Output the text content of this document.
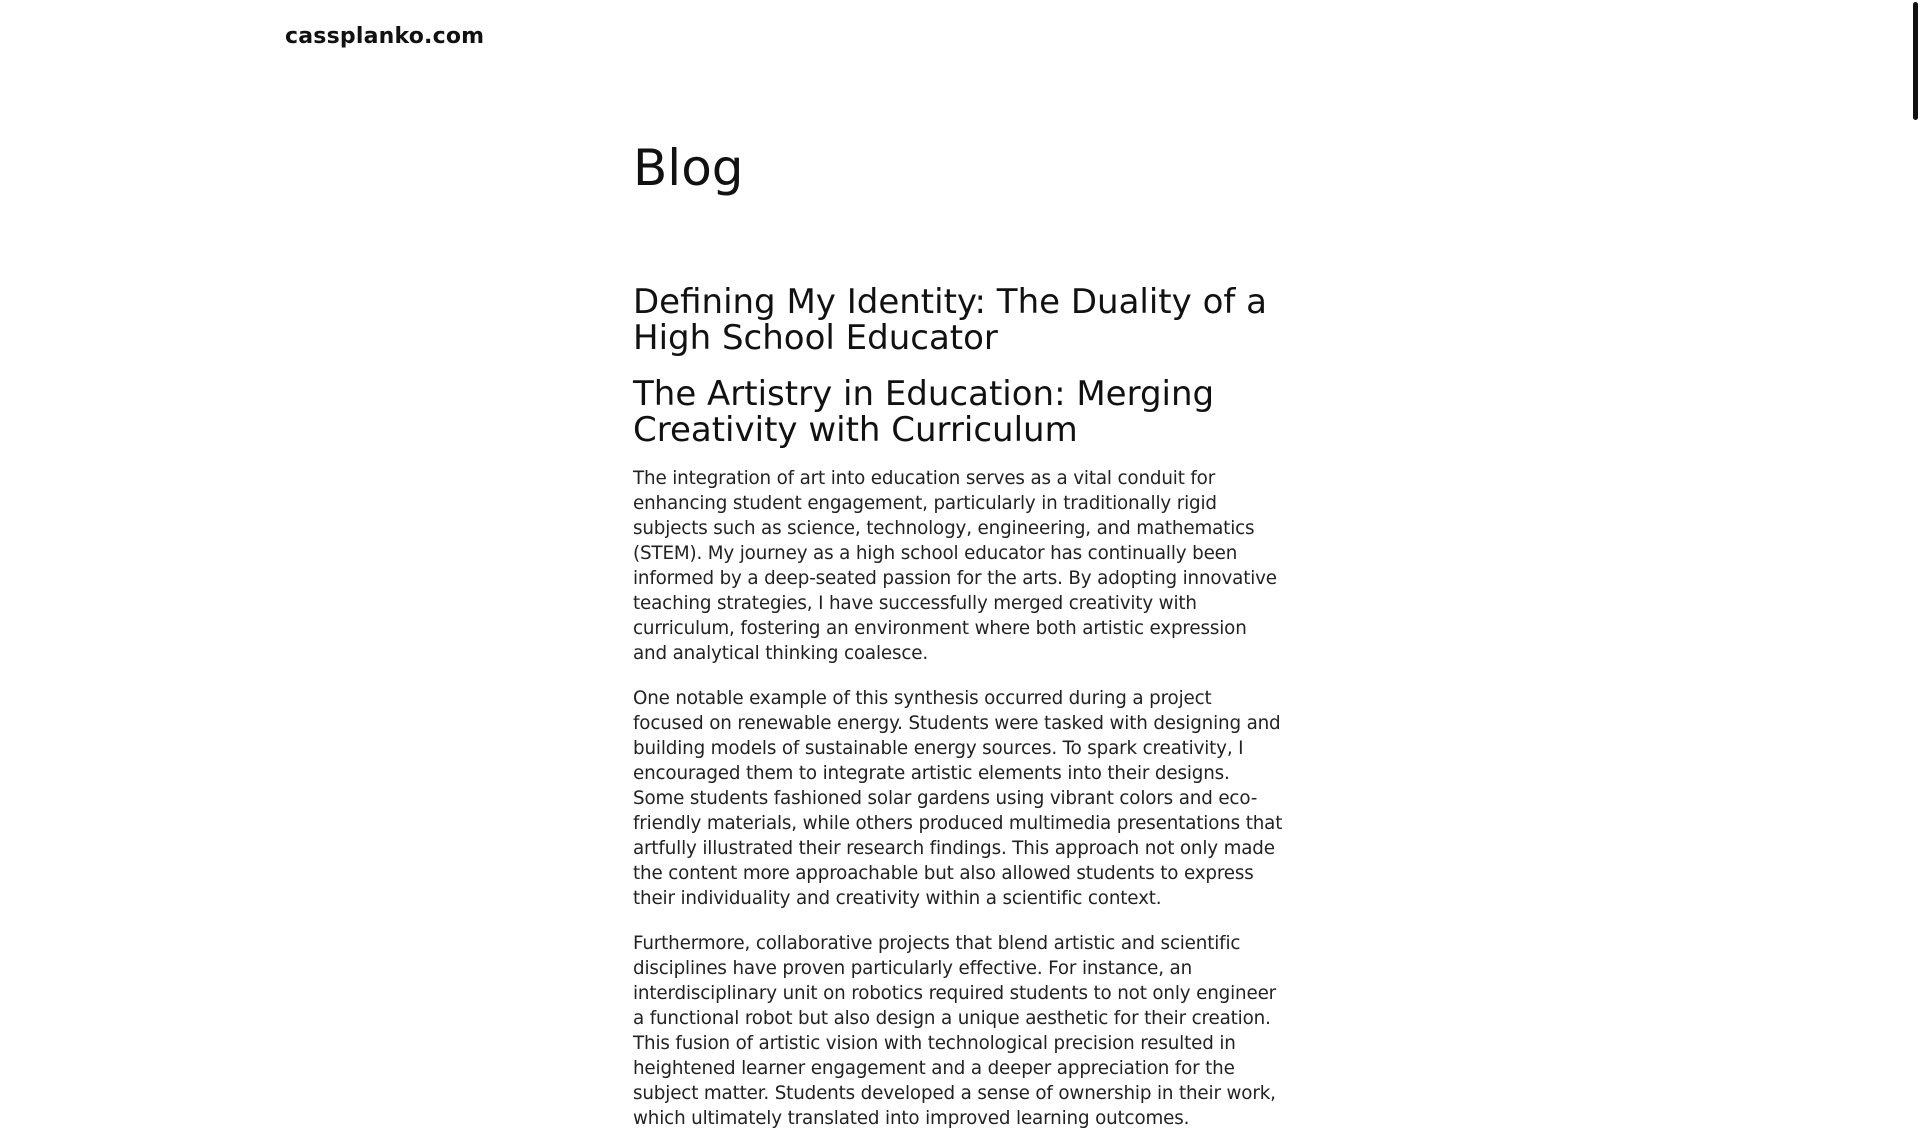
cassplanko.com
Blog
Defining My Identity: The Duality of a High School Educator
The Artistry in Education: Merging Creativity with Curriculum

The integration of art into education serves as a vital conduit for enhancing student engagement, particularly in traditionally rigid subjects such as science, technology, engineering, and mathematics (STEM). My journey as a high school educator has continually been informed by a deep-seated passion for the arts. By adopting innovative teaching strategies, I have successfully merged creativity with curriculum, fostering an environment where both artistic expression and analytical thinking coalesce.

One notable example of this synthesis occurred during a project focused on renewable energy. Students were tasked with designing and building models of sustainable energy sources. To spark creativity, I encouraged them to integrate artistic elements into their designs. Some students fashioned solar gardens using vibrant colors and eco-friendly materials, while others produced multimedia presentations that artfully illustrated their research findings. This approach not only made the content more approachable but also allowed students to express their individuality and creativity within a scientific context.

Furthermore, collaborative projects that blend artistic and scientific disciplines have proven particularly effective. For instance, an interdisciplinary unit on robotics required students to not only engineer a functional robot but also design a unique aesthetic for their creation. This fusion of artistic vision with technological precision resulted in heightened learner engagement and a deeper appreciation for the subject matter. Students developed a sense of ownership in their work, which ultimately translated into improved learning outcomes.
